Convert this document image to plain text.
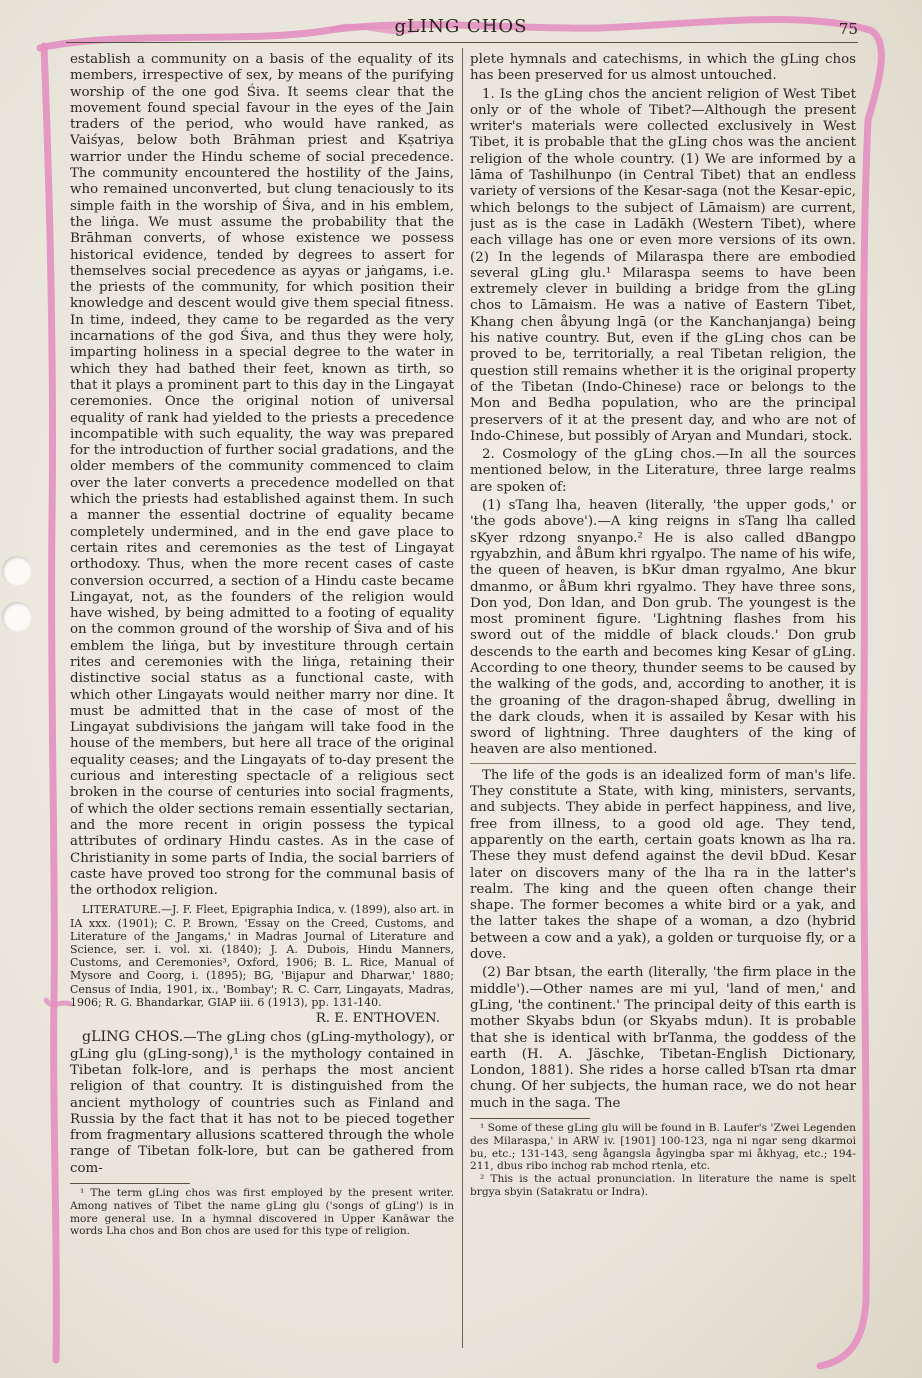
gLING CHOS	75

establish a community on a basis of the equality of its members, irrespective of sex, by means of the purifying worship of the one god Śiva. It seems clear that the movement found special favour in the eyes of the Jain traders of the period, who would have ranked, as Vaiśyas, below both Brāhman priest and Kṣatriya warrior under the Hindu scheme of social precedence. The community encountered the hostility of the Jains, who remained unconverted, but clung tenaciously to its simple faith in the worship of Śiva, and in his emblem, the liṅga. We must assume the probability that the Brāhman converts, of whose existence we possess historical evidence, tended by degrees to assert for themselves social precedence as ayyas or jaṅgams, i.e. the priests of the community, for which position their knowledge and descent would give them special fitness. In time, indeed, they came to be regarded as the very incarnations of the god Śiva, and thus they were holy, imparting holiness in a special degree to the water in which they had bathed their feet, known as tirth, so that it plays a prominent part to this day in the Lingayat ceremonies. Once the original notion of universal equality of rank had yielded to the priests a precedence incompatible with such equality, the way was prepared for the introduction of further social gradations, and the older members of the community commenced to claim over the later converts a precedence modelled on that which the priests had established against them. In such a manner the essential doctrine of equality became completely undermined, and in the end gave place to certain rites and ceremonies as the test of Lingayat orthodoxy. Thus, when the more recent cases of caste conversion occurred, a section of a Hindu caste became Lingayat, not, as the founders of the religion would have wished, by being admitted to a footing of equality on the common ground of the worship of Śiva and of his emblem the liṅga, but by investiture through certain rites and ceremonies with the liṅga, retaining their distinctive social status as a functional caste, with which other Lingayats would neither marry nor dine. It must be admitted that in the case of most of the Lingayat subdivisions the jaṅgam will take food in the house of the members, but here all trace of the original equality ceases; and the Lingayats of to-day present the curious and interesting spectacle of a religious sect broken in the course of centuries into social fragments, of which the older sections remain essentially sectarian, and the more recent in origin possess the typical attributes of ordinary Hindu castes. As in the case of Christianity in some parts of India, the social barriers of caste have proved too strong for the communal basis of the orthodox religion.

LITERATURE.—J. F. Fleet, Epigraphia Indica, v. (1899), also art. in IA xxx. (1901); C. P. Brown, 'Essay on the Creed, Customs, and Literature of the Jangams,' in Madras Journal of Literature and Science, ser. i. vol. xi. (1840); J. A. Dubois, Hindu Manners, Customs, and Ceremonies³, Oxford, 1906; B. L. Rice, Manual of Mysore and Coorg, i. (1895); BG, 'Bijapur and Dharwar,' 1880; Census of India, 1901, ix., 'Bombay'; R. C. Carr, Lingayats, Madras, 1906; R. G. Bhandarkar, GIAP iii. 6 (1913), pp. 131-140.

R. E. ENTHOVEN.

gLING CHOS.—The gLing chos (gLing-mythology), or gLing glu (gLing-song),¹ is the mythology contained in Tibetan folk-lore, and is perhaps the most ancient religion of that country. It is distinguished from the ancient mythology of countries such as Finland and Russia by the fact that it has not to be pieced together from fragmentary allusions scattered through the whole range of Tibetan folk-lore, but can be gathered from com-

¹ The term gLing chos was first employed by the present writer. Among natives of Tibet the name gLing glu ('songs of gLing') is in more general use. In a hymnal discovered in Upper Kanāwar the words Lha chos and Bon chos are used for this type of religion.

plete hymnals and catechisms, in which the gLing chos has been preserved for us almost untouched.

1. Is the gLing chos the ancient religion of West Tibet only or of the whole of Tibet?—Although the present writer's materials were collected exclusively in West Tibet, it is probable that the gLing chos was the ancient religion of the whole country. (1) We are informed by a lāma of Tashilhunpo (in Central Tibet) that an endless variety of versions of the Kesar-saga (not the Kesar-epic, which belongs to the subject of Lāmaism) are current, just as is the case in Ladākh (Western Tibet), where each village has one or even more versions of its own. (2) In the legends of Milaraspa there are embodied several gLing glu.¹ Milaraspa seems to have been extremely clever in building a bridge from the gLing chos to Lāmaism. He was a native of Eastern Tibet, Khang chen åbyung lngā (or the Kanchanjanga) being his native country. But, even if the gLing chos can be proved to be, territorially, a real Tibetan religion, the question still remains whether it is the original property of the Tibetan (Indo-Chinese) race or belongs to the Mon and Bedha population, who are the principal preservers of it at the present day, and who are not of Indo-Chinese, but possibly of Aryan and Mundari, stock.

2. Cosmology of the gLing chos.—In all the sources mentioned below, in the Literature, three large realms are spoken of:

(1) sTang lha, heaven (literally, 'the upper gods,' or 'the gods above').—A king reigns in sTang lha called sKyer rdzong snyanpo.² He is also called dBangpo rgyabzhin, and åBum khri rgyalpo. The name of his wife, the queen of heaven, is bKur dman rgyalmo, Ane bkur dmanmo, or åBum khri rgyalmo. They have three sons, Don yod, Don ldan, and Don grub. The youngest is the most prominent figure. 'Lightning flashes from his sword out of the middle of black clouds.' Don grub descends to the earth and becomes king Kesar of gLing. According to one theory, thunder seems to be caused by the walking of the gods, and, according to another, it is the groaning of the dragon-shaped åbrug, dwelling in the dark clouds, when it is assailed by Kesar with his sword of lightning. Three daughters of the king of heaven are also mentioned.

The life of the gods is an idealized form of man's life. They constitute a State, with king, ministers, servants, and subjects. They abide in perfect happiness, and live, free from illness, to a good old age. They tend, apparently on the earth, certain goats known as lha ra. These they must defend against the devil bDud. Kesar later on discovers many of the lha ra in the latter's realm. The king and the queen often change their shape. The former becomes a white bird or a yak, and the latter takes the shape of a woman, a dzo (hybrid between a cow and a yak), a golden or turquoise fly, or a dove.

(2) Bar btsan, the earth (literally, 'the firm place in the middle').—Other names are mi yul, 'land of men,' and gLing, 'the continent.' The principal deity of this earth is mother Skyabs bdun (or Skyabs mdun). It is probable that she is identical with brTanma, the goddess of the earth (H. A. Jäschke, Tibetan-English Dictionary, London, 1881). She rides a horse called bTsan rta dmar chung. Of her subjects, the human race, we do not hear much in the saga. The

¹ Some of these gLing glu will be found in B. Laufer's 'Zwei Legenden des Milaraspa,' in ARW iv. [1901] 100-123, nga ni ngar seng dkarmoi bu, etc.; 131-143, seng ågangsla ågyingba spar mi åkhyag, etc.; 194-211, dbus ribo inchog rab mchod rtenla, etc.

² This is the actual pronunciation. In literature the name is spelt brgya sbyin (Satakratu or Indra).
